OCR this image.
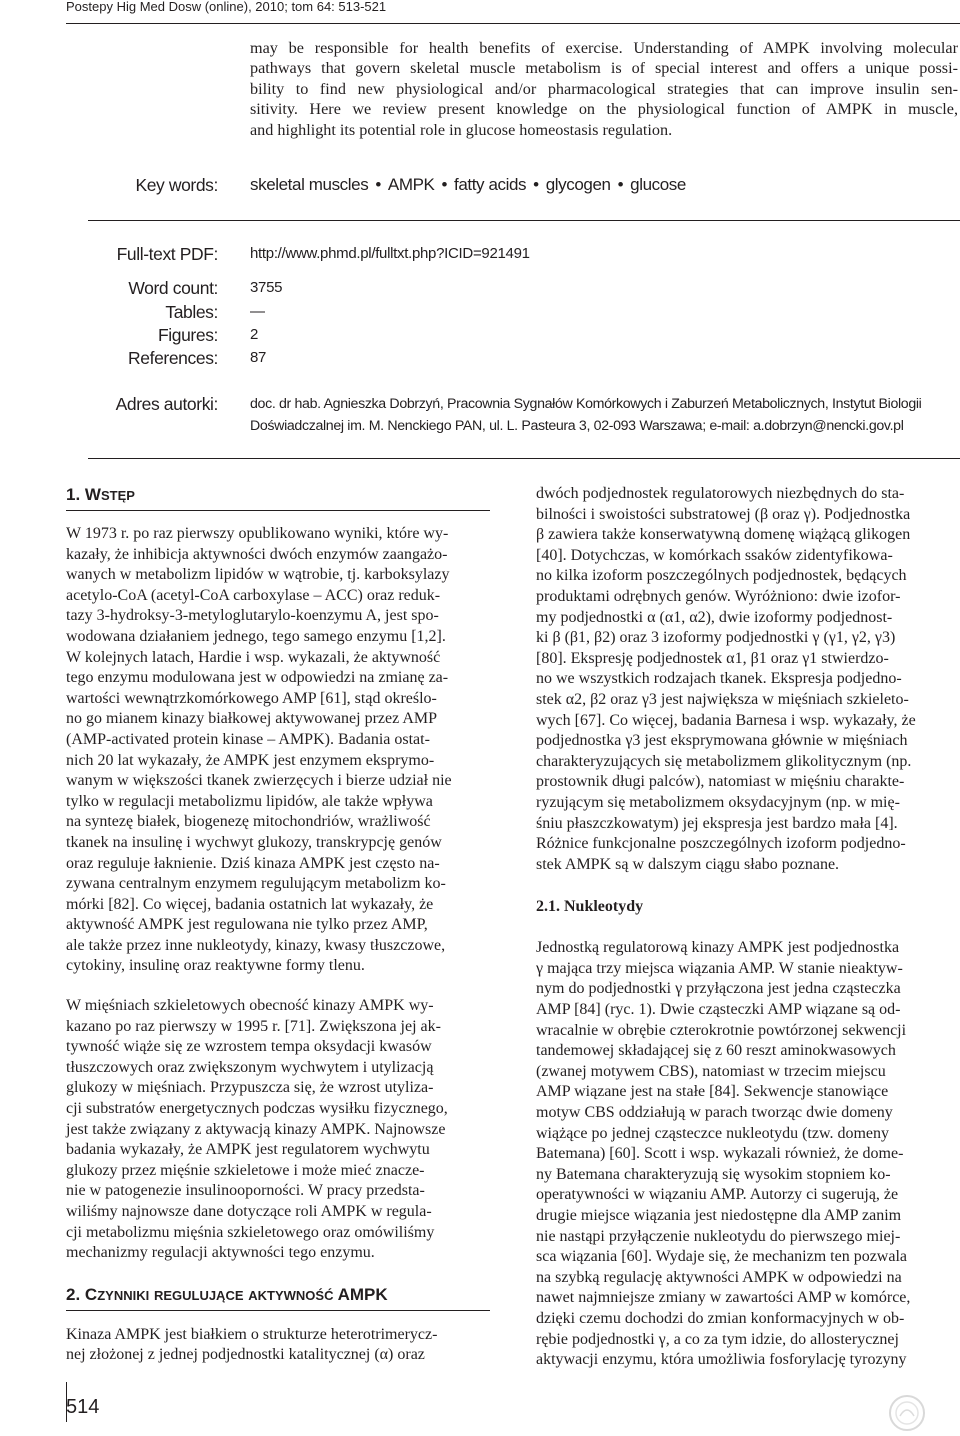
Postepy Hig Med Dosw (online), 2010; tom 64: 513-521

may be responsible for health benefits of exercise. Understanding of AMPK involving molecular

pathways that govern skeletal muscle metabolism is of special interest and offers a unique possi-

bility to find new physiological and/or pharmacological strategies that can improve insulin sen-

sitivity. Here we review present knowledge on the physiological function of AMPK in muscle,

and highlight its potential role in glucose homeostasis regulation.

Key words: skeletal muscles • AMPK • fatty acids • glycogen • glucose
Full-text PDF: http://www.phmd.pl/fulltxt.php?ICID=921491
Word count: 3755
Tables: —
Figures: 2
References: 87
Adres autorki: doc. dr hab. Agnieszka Dobrzyń, Pracownia Sygnałów Komórkowych i Zaburzeń Metabolicznych, Instytut Biologii
Doświadczalnej im. M. Nenckiego PAN, ul. L. Pasteura 3, 02-093 Warszawa; e-mail: a.dobrzyn@nencki.gov.pl
1. WSTĘP

W 1973 r. po raz pierwszy opublikowano wyniki, które wy-

kazały, że inhibicja aktywności dwóch enzymów zaangażo-

wanych w metabolizm lipidów w wątrobie, tj. karboksylazy

acetylo-CoA (acetyl-CoA carboxylase – ACC) oraz reduk-

tazy 3-hydroksy-3-metyloglutarylo-koenzymu A, jest spo-

wodowana działaniem jednego, tego samego enzymu [1,2].

W kolejnych latach, Hardie i wsp. wykazali, że aktywność

tego enzymu modulowana jest w odpowiedzi na zmianę za-

wartości wewnątrzkomórkowego AMP [61], stąd określo-

no go mianem kinazy białkowej aktywowanej przez AMP

(AMP-activated protein kinase – AMPK). Badania ostat-

nich 20 lat wykazały, że AMPK jest enzymem eksprymo-

wanym w większości tkanek zwierzęcych i bierze udział nie

tylko w regulacji metabolizmu lipidów, ale także wpływa

na syntezę białek, biogenezę mitochondriów, wrażliwość

tkanek na insulinę i wychwyt glukozy, transkrypcję genów

oraz reguluje łaknienie. Dziś kinaza AMPK jest często na-

zywana centralnym enzymem regulującym metabolizm ko-

mórki [82]. Co więcej, badania ostatnich lat wykazały, że

aktywność AMPK jest regulowana nie tylko przez AMP,

ale także przez inne nukleotydy, kinazy, kwasy tłuszczowe,

cytokiny, insulinę oraz reaktywne formy tlenu.

W mięśniach szkieletowych obecność kinazy AMPK wy-

kazano po raz pierwszy w 1995 r. [71]. Zwiększona jej ak-

tywność wiąże się ze wzrostem tempa oksydacji kwasów

tłuszczowych oraz zwiększonym wychwytem i utylizacją

glukozy w mięśniach. Przypuszcza się, że wzrost utyliza-

cji substratów energetycznych podczas wysiłku fizycznego,

jest także związany z aktywacją kinazy AMPK. Najnowsze

badania wykazały, że AMPK jest regulatorem wychwytu

glukozy przez mięśnie szkieletowe i może mieć znacze-

nie w patogenezie insulinooporności. W pracy przedsta-

wiliśmy najnowsze dane dotyczące roli AMPK w regula-

cji metabolizmu mięśnia szkieletowego oraz omówiliśmy

mechanizmy regulacji aktywności tego enzymu.

2. CZYNNIKI REGULUJĄCE AKTYWNOŚĆ AMPK

Kinaza AMPK jest białkiem o strukturze heterotrimerycz-

nej złożonej z jednej podjednostki katalitycznej (α) oraz

dwóch podjednostek regulatorowych niezbędnych do sta-

bilności i swoistości substratowej (β oraz γ). Podjednostka

β zawiera także konserwatywną domenę wiążącą glikogen

[40]. Dotychczas, w komórkach ssaków zidentyfikowa-

no kilka izoform poszczególnych podjednostek, będących

produktami odrębnych genów. Wyróżniono: dwie izofor-

my podjednostki α (α1, α2), dwie izoformy podjednost-

ki β (β1, β2) oraz 3 izoformy podjednostki γ (γ1, γ2, γ3)

[80]. Ekspresję podjednostek α1, β1 oraz γ1 stwierdzo-

no we wszystkich rodzajach tkanek. Ekspresja podjedno-

stek α2, β2 oraz γ3 jest największa w mięśniach szkieleto-

wych [67]. Co więcej, badania Barnesa i wsp. wykazały, że

podjednostka γ3 jest eksprymowana głównie w mięśniach

charakteryzujących się metabolizmem glikolitycznym (np.

prostownik długi palców), natomiast w mięśniu charakte-

ryzującym się metabolizmem oksydacyjnym (np. w mię-

śniu płaszczkowatym) jej ekspresja jest bardzo mała [4].

Różnice funkcjonalne poszczególnych izoform podjedno-

stek AMPK są w dalszym ciągu słabo poznane.

2.1. Nukleotydy

Jednostką regulatorową kinazy AMPK jest podjednostka

γ mająca trzy miejsca wiązania AMP. W stanie nieaktyw-

nym do podjednostki γ przyłączona jest jedna cząsteczka

AMP [84] (ryc. 1). Dwie cząsteczki AMP wiązane są od-

wracalnie w obrębie czterokrotnie powtórzonej sekwencji

tandemowej składającej się z 60 reszt aminokwasowych

(zwanej motywem CBS), natomiast w trzecim miejscu

AMP wiązane jest na stałe [84]. Sekwencje stanowiące

motyw CBS oddziałują w parach tworząc dwie domeny

wiążące po jednej cząsteczce nukleotydu (tzw. domeny

Batemana) [60]. Scott i wsp. wykazali również, że dome-

ny Batemana charakteryzują się wysokim stopniem ko-

operatywności w wiązaniu AMP. Autorzy ci sugerują, że

drugie miejsce wiązania jest niedostępne dla AMP zanim

nie nastąpi przyłączenie nukleotydu do pierwszego miej-

sca wiązania [60]. Wydaje się, że mechanizm ten pozwala

na szybką regulację aktywności AMPK w odpowiedzi na

nawet najmniejsze zmiany w zawartości AMP w komórce,

dzięki czemu dochodzi do zmian konformacyjnych w ob-

rębie podjednostki γ, a co za tym idzie, do allosterycznej

aktywacji enzymu, która umożliwia fosforylację tyrozyny

514
